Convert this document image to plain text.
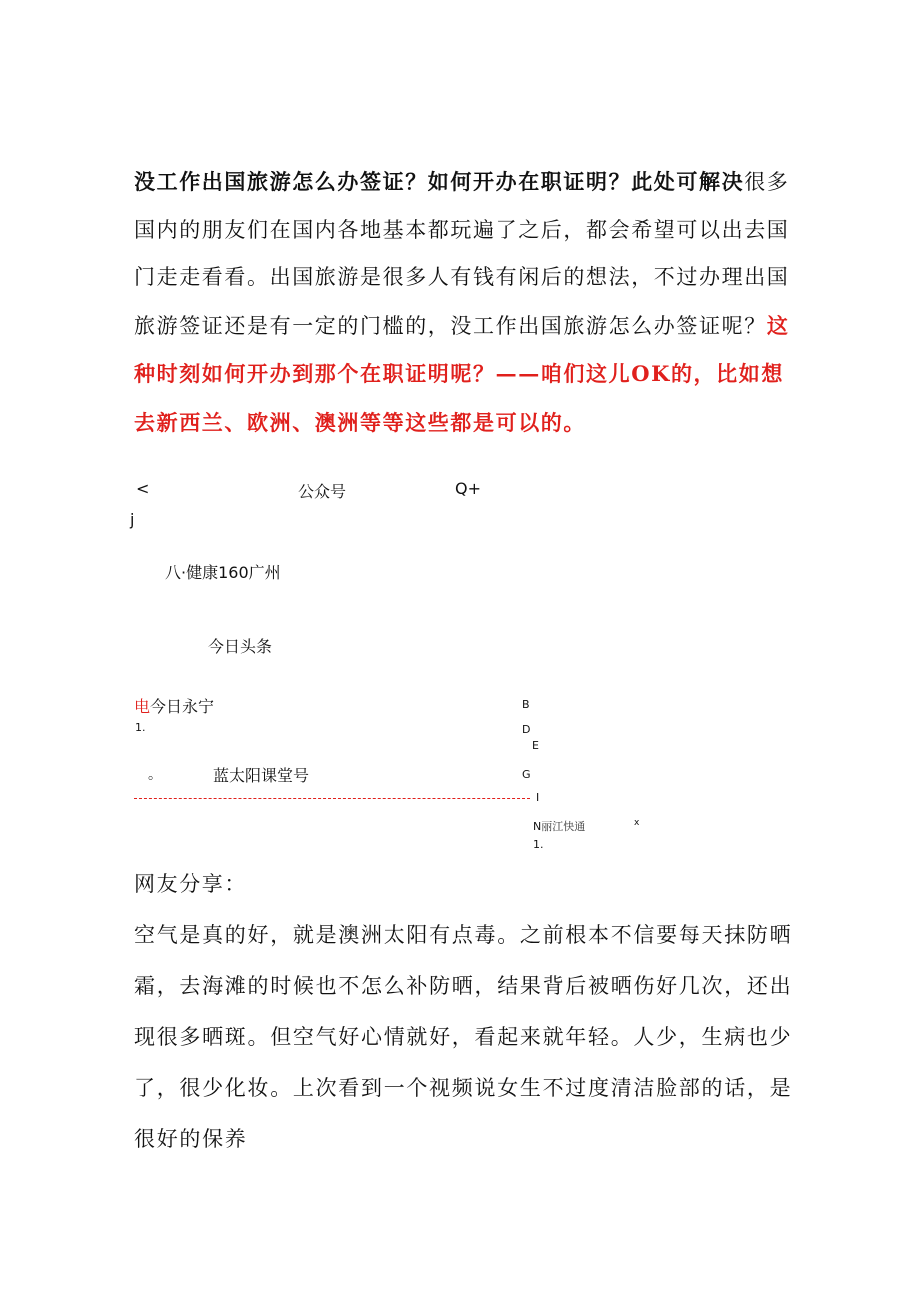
没工作出国旅游怎么办签证？如何开办在职证明？此处可解决很多国内的朋友们在国内各地基本都玩遍了之后，都会希望可以出去国门走走看看。出国旅游是很多人有钱有闲后的想法，不过办理出国旅游签证还是有一定的门槛的，没工作出国旅游怎么办签证呢？这种时刻如何开办到那个在职证明呢？——咱们这儿OK的，比如想去新西兰、欧洲、澳洲等等这些都是可以的。

<	公众号	Q+
j
八·健康160广州
今日头条
电今日永宁
1.
。	蓝太阳课堂号
B
D
E
G
I
N丽江快通	x
1.

网友分享：

空气是真的好，就是澳洲太阳有点毒。之前根本不信要每天抹防晒霜，去海滩的时候也不怎么补防晒，结果背后被晒伤好几次，还出现很多晒斑。但空气好心情就好，看起来就年轻。人少，生病也少了，很少化妆。上次看到一个视频说女生不过度清洁脸部的话，是很好的保养
